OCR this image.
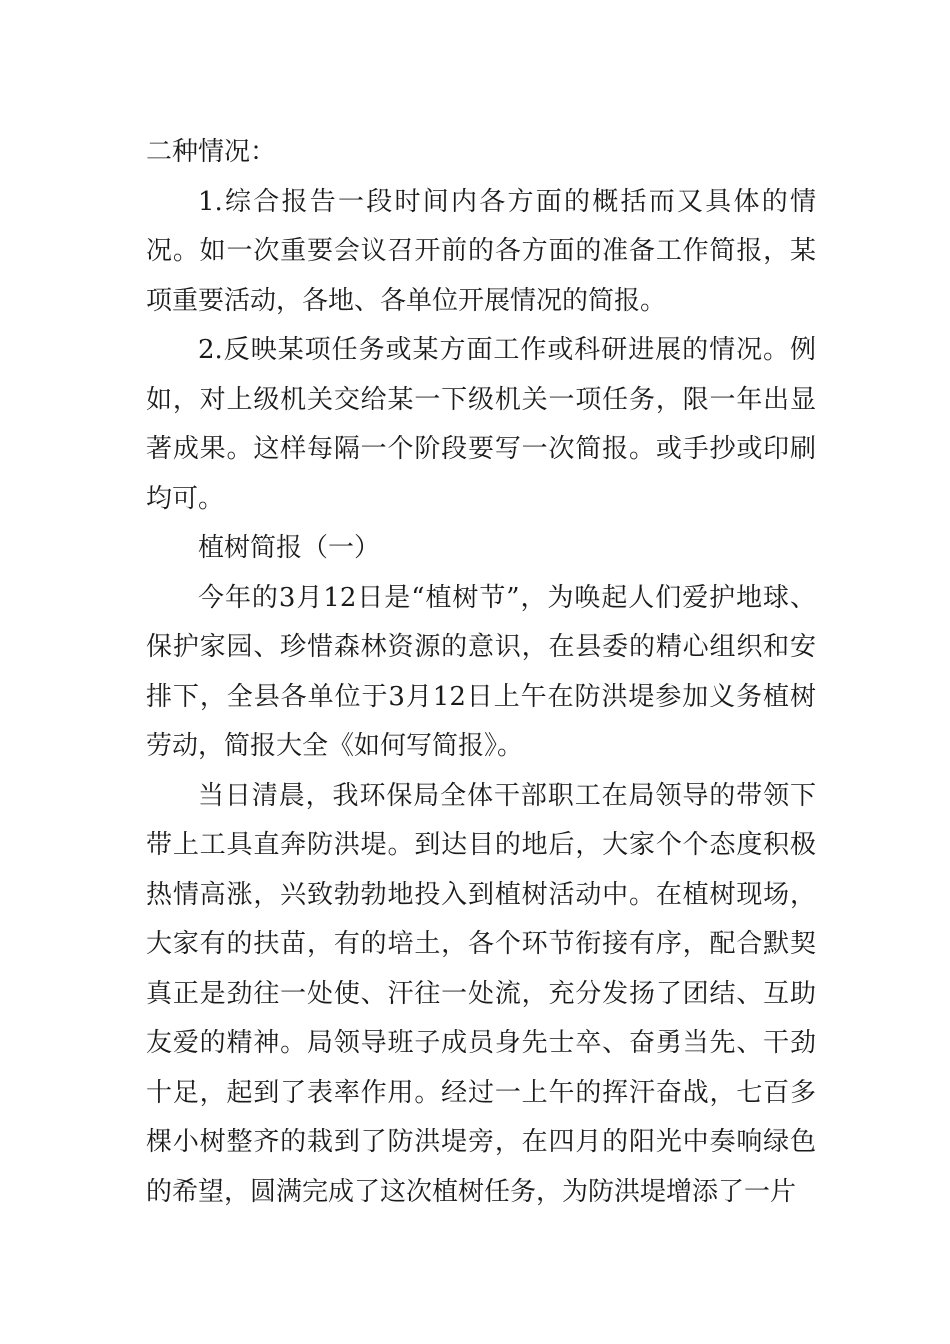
二种情况：

1.综合报告一段时间内各方面的概括而又具体的情况。如一次重要会议召开前的各方面的准备工作简报，某项重要活动，各地、各单位开展情况的简报。

2.反映某项任务或某方面工作或科研进展的情况。例如，对上级机关交给某一下级机关一项任务，限一年出显著成果。这样每隔一个阶段要写一次简报。或手抄或印刷均可。

植树简报（一）

今年的3月12日是“植树节”，为唤起人们爱护地球、保护家园、珍惜森林资源的意识，在县委的精心组织和安排下，全县各单位于3月12日上午在防洪堤参加义务植树劳动，简报大全《如何写简报》。

当日清晨，我环保局全体干部职工在局领导的带领下带上工具直奔防洪堤。到达目的地后，大家个个态度积极热情高涨，兴致勃勃地投入到植树活动中。在植树现场，大家有的扶苗，有的培土，各个环节衔接有序，配合默契真正是劲往一处使、汗往一处流，充分发扬了团结、互助友爱的精神。局领导班子成员身先士卒、奋勇当先、干劲十足，起到了表率作用。经过一上午的挥汗奋战，七百多棵小树整齐的栽到了防洪堤旁，在四月的阳光中奏响绿色的希望，圆满完成了这次植树任务，为防洪堤增添了一片
